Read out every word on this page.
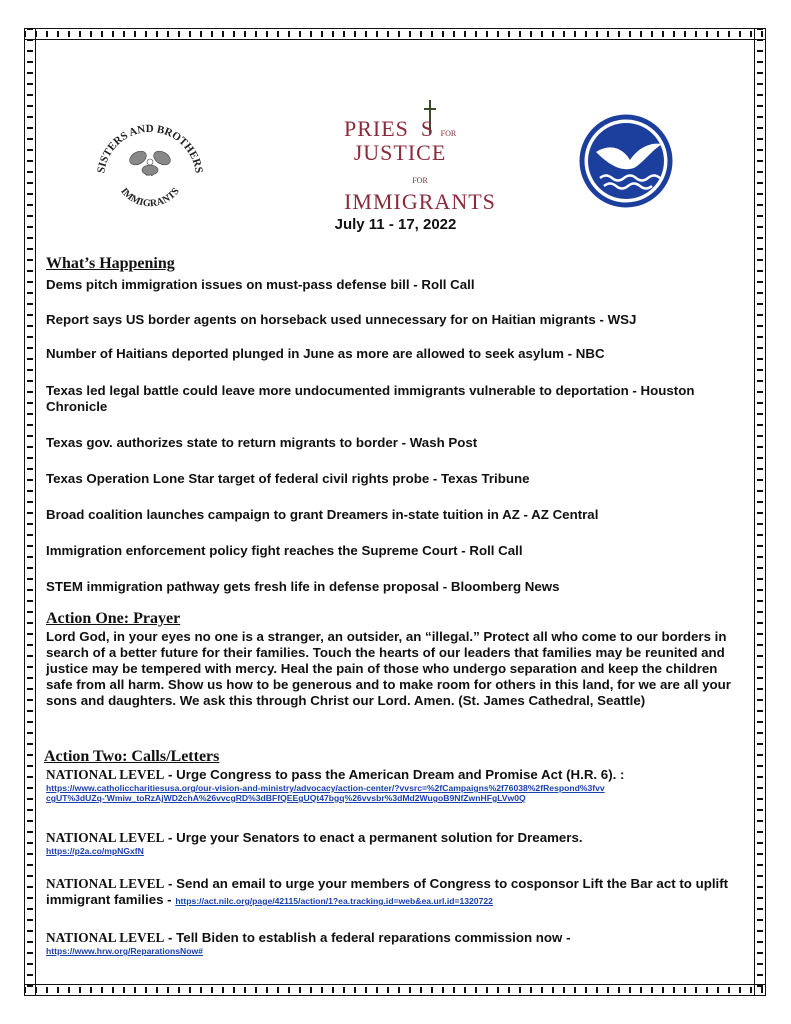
SISTERS AND BROTHERS
IMMIGRANTS
PRIES S FOR
JUSTICE
FOR IMMIGRANTS
July 11 - 17, 2022
What’s Happening
Dems pitch immigration issues on must-pass defense bill - Roll Call
Report says US border agents on horseback used unnecessary for on Haitian migrants - WSJ
Number of Haitians deported plunged in June as more are allowed to seek asylum - NBC
Texas led legal battle could leave more undocumented immigrants vulnerable to deportation - Houston Chronicle
Texas gov. authorizes state to return migrants to border - Wash Post
Texas Operation Lone Star target of federal civil rights probe - Texas Tribune
Broad coalition launches campaign to grant Dreamers in-state tuition in AZ - AZ Central
Immigration enforcement policy fight reaches the Supreme Court - Roll Call
STEM immigration pathway gets fresh life in defense proposal - Bloomberg News
Action One: Prayer
Lord God, in your eyes no one is a stranger, an outsider, an “illegal.” Protect all who come to our borders in search of a better future for their families. Touch the hearts of our leaders that families may be reunited and justice may be tempered with mercy. Heal the pain of those who undergo separation and keep the children safe from all harm. Show us how to be generous and to make room for others in this land, for we are all your sons and daughters. We ask this through Christ our Lord. Amen. (St. James Cathedral, Seattle)
Action Two: Calls/Letters
NATIONAL LEVEL - Urge Congress to pass the American Dream and Promise Act (H.R. 6). :
https://www.catholiccharitiesusa.org/our-vision-and-ministry/advocacy/action-center/?vvsrc=%2fCampaigns%2f76038%2fRespond%3fvvcgUT%3dUZq-'Wmiw_toRzAjWD2chA%26vvcgRD%3dBFfQEEgUQt47bgq%26vvsbr%3dMd2WugoB9NfZwnHFgLVw0Q
NATIONAL LEVEL - Urge your Senators to enact a permanent solution for Dreamers.
https://p2a.co/mpNGxfN
NATIONAL LEVEL - Send an email to urge your members of Congress to cosponsor Lift the Bar act to uplift immigrant families - https://act.nilc.org/page/42115/action/1?ea.tracking.id=web&ea.url.id=1320722
NATIONAL LEVEL - Tell Biden to establish a federal reparations commission now -
https://www.hrw.org/ReparationsNow#
